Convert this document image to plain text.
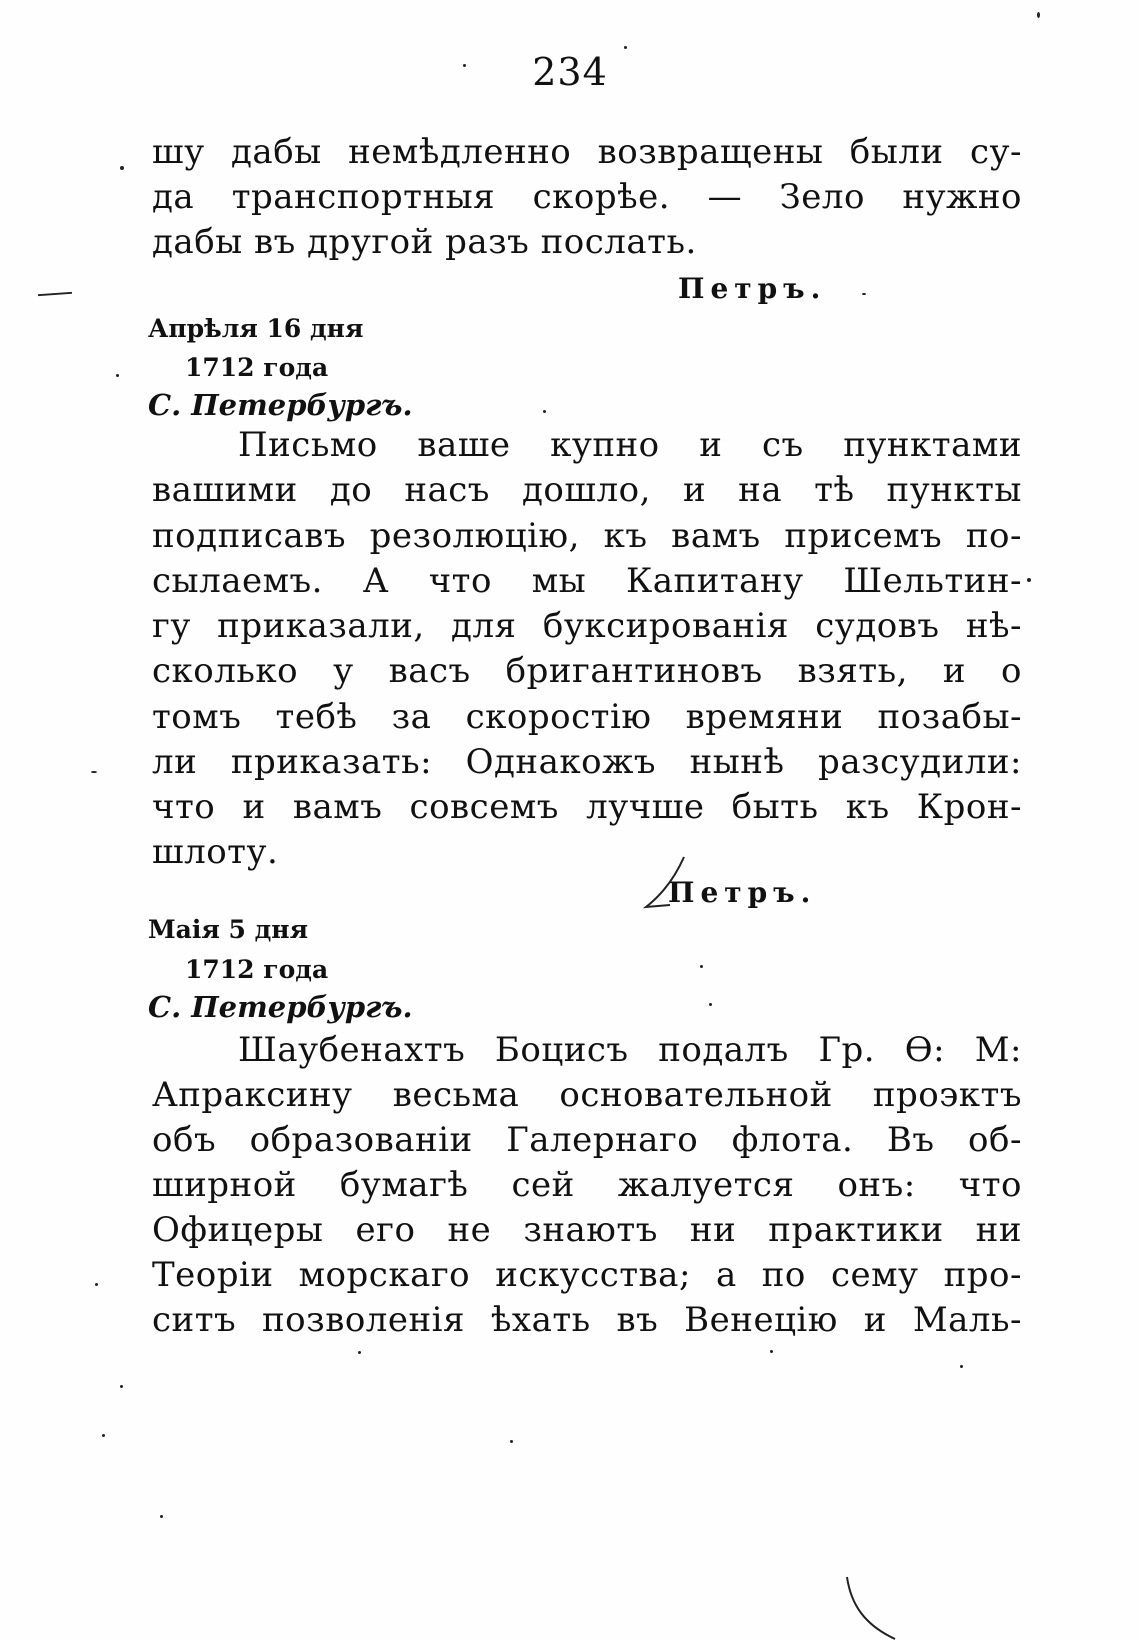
234
шу дабы немѣдленно возвращены были су-
да транспортныя скорѣе. — Зело нужно
дабы въ другой разъ послать.
Петръ.
Апрѣля 16 дня
1712 года
С. Петербургъ.
Письмо ваше купно и съ пунктами
вашими до насъ дошло, и на тѣ пункты
подписавъ резолюцію, къ вамъ присемъ по-
сылаемъ. А что мы Капитану Шельтин-
гу приказали, для буксированія судовъ нѣ-
сколько у васъ бригантиновъ взять, и о
томъ тебѣ за скоростію времяни позабы-
ли приказать: Однакожъ нынѣ разсудили:
что и вамъ совсемъ лучше быть къ Крон-
шлоту.
Петръ.
Маія 5 дня
1712 года
С. Петербургъ.
Шаубенахтъ Боцисъ подалъ Гр. Ѳ: М:
Апраксину весьма основательной проэктъ
объ образованіи Галернаго флота. Въ об-
ширной бумагѣ сей жалуется онъ: что
Офицеры его не знаютъ ни практики ни
Теоріи морскаго искусства; а по сему про-
ситъ позволенія ѣхать въ Венецію и Маль-
